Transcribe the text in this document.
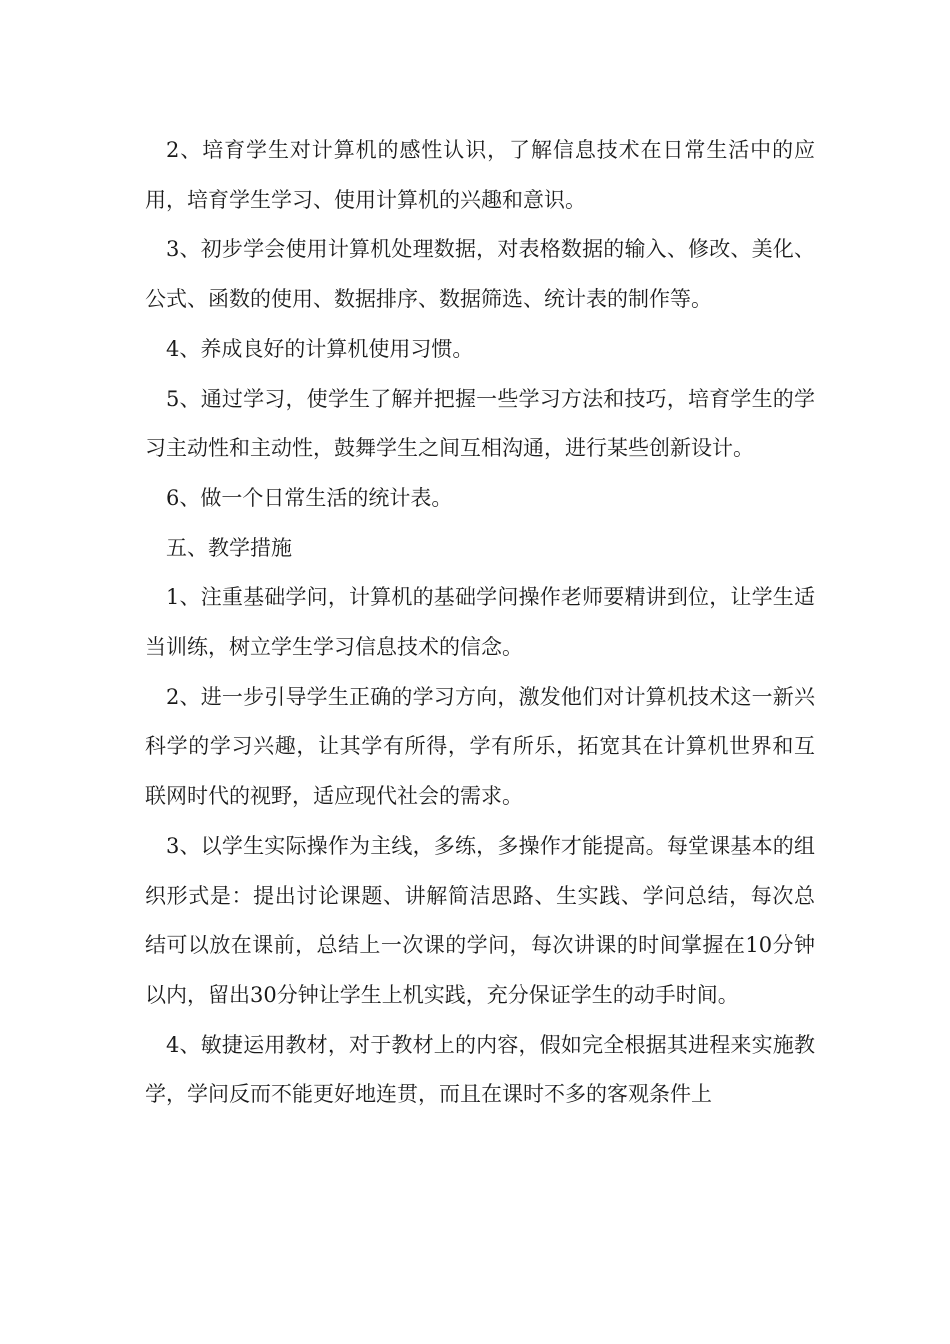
2、培育学生对计算机的感性认识，了解信息技术在日常生活中的应用，培育学生学习、使用计算机的兴趣和意识。

3、初步学会使用计算机处理数据，对表格数据的输入、修改、美化、公式、函数的使用、数据排序、数据筛选、统计表的制作等。

4、养成良好的计算机使用习惯。

5、通过学习，使学生了解并把握一些学习方法和技巧，培育学生的学习主动性和主动性，鼓舞学生之间互相沟通，进行某些创新设计。

6、做一个日常生活的统计表。

五、教学措施

1、注重基础学问，计算机的基础学问操作老师要精讲到位，让学生适当训练，树立学生学习信息技术的信念。

2、进一步引导学生正确的学习方向，激发他们对计算机技术这一新兴科学的学习兴趣，让其学有所得，学有所乐，拓宽其在计算机世界和互联网时代的视野，适应现代社会的需求。

3、以学生实际操作为主线，多练，多操作才能提高。每堂课基本的组织形式是：提出讨论课题、讲解简洁思路、生实践、学问总结，每次总结可以放在课前，总结上一次课的学问，每次讲课的时间掌握在10分钟以内，留出30分钟让学生上机实践，充分保证学生的动手时间。

4、敏捷运用教材，对于教材上的内容，假如完全根据其进程来实施教学，学问反而不能更好地连贯，而且在课时不多的客观条件上
